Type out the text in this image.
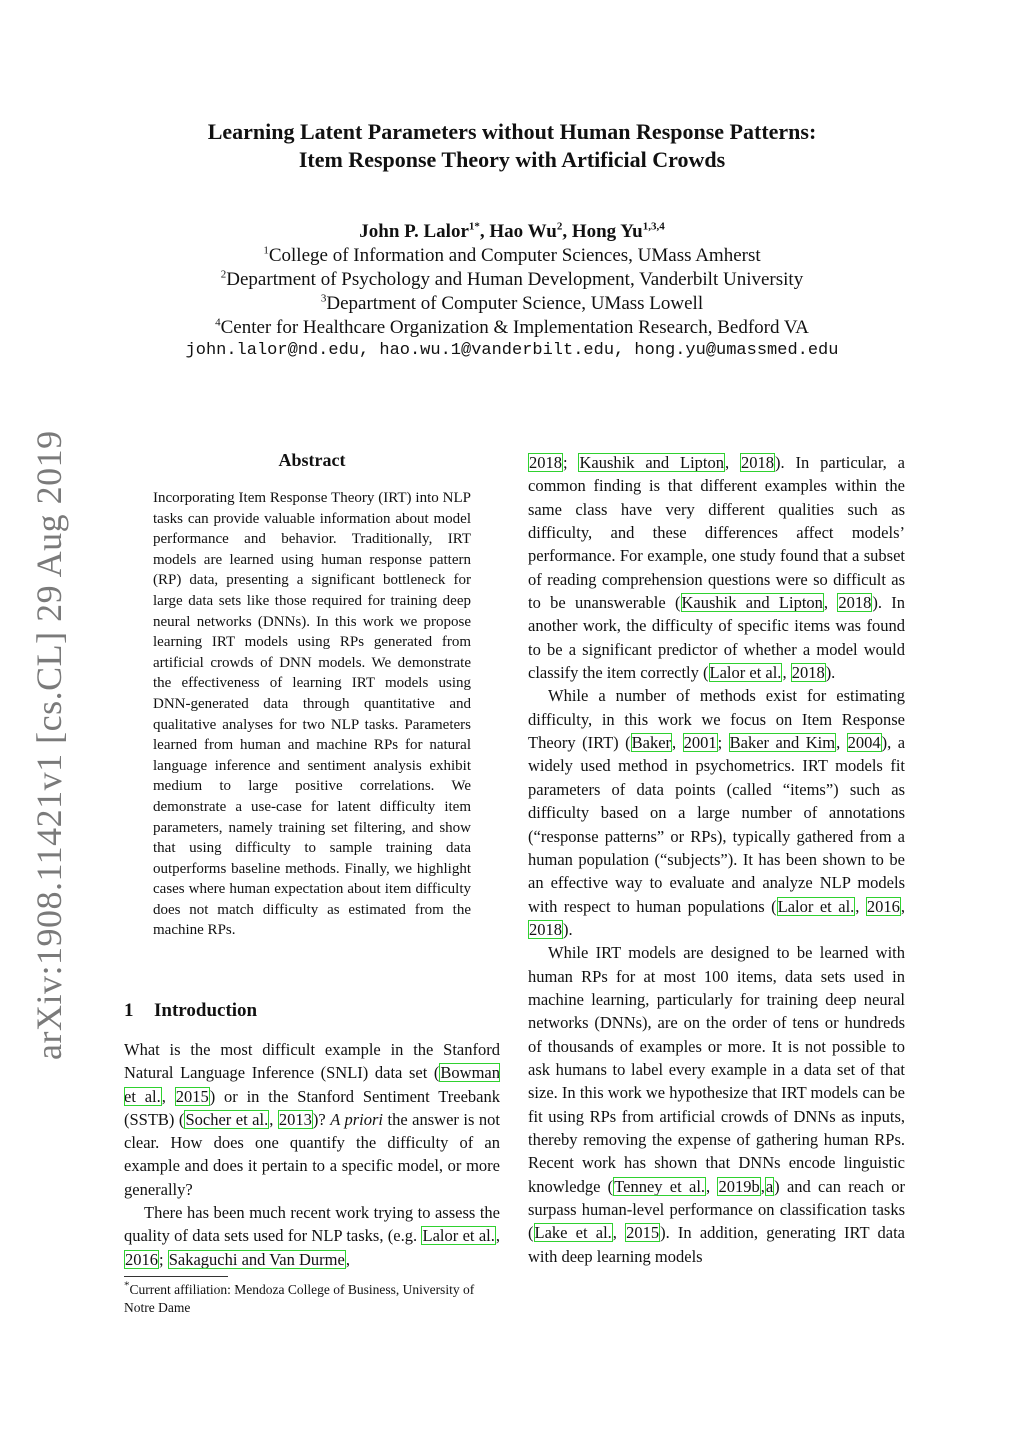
Learning Latent Parameters without Human Response Patterns:
Item Response Theory with Artificial Crowds
John P. Lalor$^{1*}$, Hao Wu$^2$, Hong Yu$^{1,3,4}$
$^1$College of Information and Computer Sciences, UMass Amherst
$^2$Department of Psychology and Human Development, Vanderbilt University
$^3$Department of Computer Science, UMass Lowell
$^4$Center for Healthcare Organization & Implementation Research, Bedford VA
john.lalor@nd.edu, hao.wu.1@vanderbilt.edu, hong.yu@umassmed.edu
arXiv:1908.11421v1 [cs.CL] 29 Aug 2019	Abstract
Incorporating Item Response Theory (IRT) into NLP tasks can provide valuable information about model performance and behavior. Traditionally, IRT models are learned using human response pattern (RP) data, presenting a significant bottleneck for large data sets like those required for training deep neural networks (DNNs). In this work we propose learning IRT models using RPs generated from artificial crowds of DNN models. We demonstrate the effectiveness of learning IRT models using DNN-generated data through quantitative and qualitative analyses for two NLP tasks. Parameters learned from human and machine RPs for natural language inference and sentiment analysis exhibit medium to large positive correlations. We demonstrate a use-case for latent difficulty item parameters, namely training set filtering, and show that using difficulty to sample training data outperforms baseline methods. Finally, we highlight cases where human expectation about item difficulty does not match difficulty as estimated from the machine RPs.
1 Introduction

What is the most difficult example in the Stanford Natural Language Inference (SNLI) data set (Bowman et al., 2015) or in the Stanford Sentiment Treebank (SSTB) (Socher et al., 2013)? A priori the answer is not clear. How does one quantify the difficulty of an example and does it pertain to a specific model, or more generally?

There has been much recent work trying to assess the quality of data sets used for NLP tasks, (e.g. Lalor et al., 2016; Sakaguchi and Van Durme,

*Current affiliation: Mendoza College of Business, University of Notre Dame

2018; Kaushik and Lipton, 2018). In particular, a common finding is that different examples within the same class have very different qualities such as difficulty, and these differences affect models’ performance. For example, one study found that a subset of reading comprehension questions were so difficult as to be unanswerable (Kaushik and Lipton, 2018). In another work, the difficulty of specific items was found to be a significant predictor of whether a model would classify the item correctly (Lalor et al., 2018).

While a number of methods exist for estimating difficulty, in this work we focus on Item Response Theory (IRT) (Baker, 2001; Baker and Kim, 2004), a widely used method in psychometrics. IRT models fit parameters of data points (called “items”) such as difficulty based on a large number of annotations (“response patterns” or RPs), typically gathered from a human population (“subjects”). It has been shown to be an effective way to evaluate and analyze NLP models with respect to human populations (Lalor et al., 2016, 2018).

While IRT models are designed to be learned with human RPs for at most 100 items, data sets used in machine learning, particularly for training deep neural networks (DNNs), are on the order of tens or hundreds of thousands of examples or more. It is not possible to ask humans to label every example in a data set of that size. In this work we hypothesize that IRT models can be fit using RPs from artificial crowds of DNNs as inputs, thereby removing the expense of gathering human RPs. Recent work has shown that DNNs encode linguistic knowledge (Tenney et al., 2019b,a) and can reach or surpass human-level performance on classification tasks (Lake et al., 2015). In addition, generating IRT data with deep learning models
